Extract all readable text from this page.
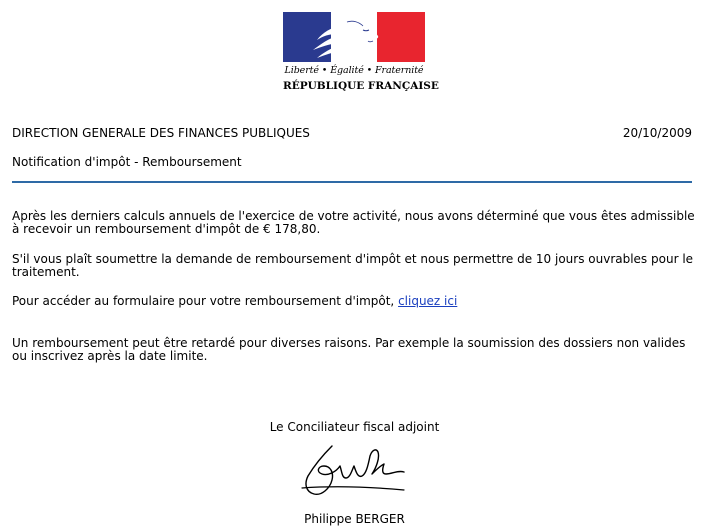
Liberté • Égalité • Fraternité
RÉPUBLIQUE FRANÇAISE
DIRECTION GENERALE DES FINANCES PUBLIQUES	20/10/2009
Notification d'impôt - Remboursement
Après les derniers calculs annuels de l'exercice de votre activité, nous avons déterminé que vous êtes admissible à recevoir un remboursement d'impôt de € 178,80.
S'il vous plaît soumettre la demande de remboursement d'impôt et nous permettre de 10 jours ouvrables pour le traitement.
Pour accéder au formulaire pour votre remboursement d'impôt, cliquez ici
Un remboursement peut être retardé pour diverses raisons. Par exemple la soumission des dossiers non valides ou inscrivez après la date limite.
Le Conciliateur fiscal adjoint
Philippe BERGER
